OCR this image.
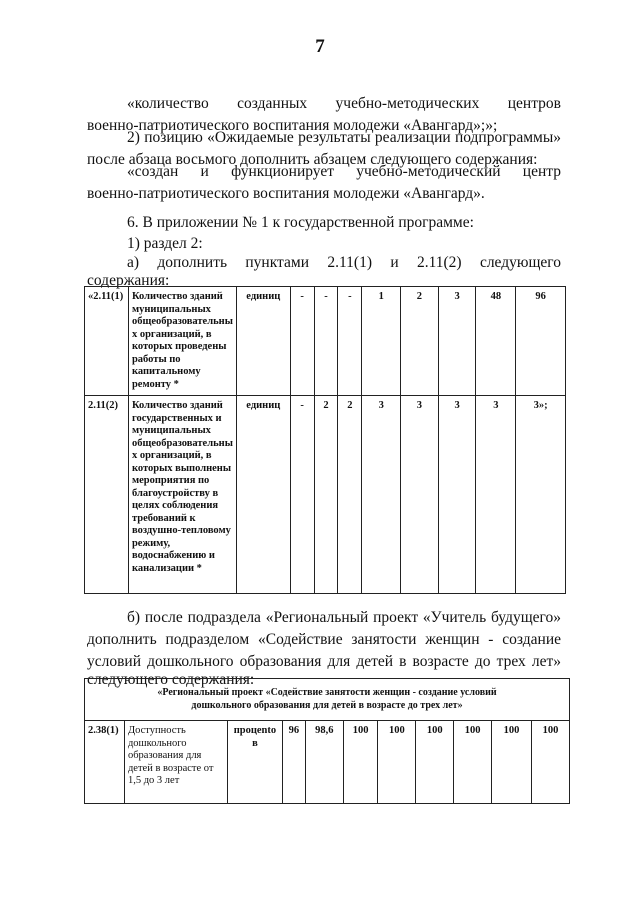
7
«количество созданных учебно-методических центров
военно-патриотического воспитания молодежи «Авангард»;»;
2) позицию «Ожидаемые результаты реализации подпрограммы»
после абзаца восьмого дополнить абзацем следующего содержания:
«создан и функционирует учебно-методический центр
военно-патриотического воспитания молодежи «Авангард».
6. В приложении № 1 к государственной программе:
1) раздел 2:
а) дополнить пунктами 2.11(1) и 2.11(2) следующего
содержания:
«2.11(1)	Количество зданий муниципальных общеобразовательны х организаций, в которых проведены работы по капитальному ремонту *	единиц	-	-	-	1	2	3	48	96
2.11(2)	Количество зданий государственных и муниципальных общеобразовательны х организаций, в которых выполнены мероприятия по благоустройству в целях соблюдения требований к воздушно-тепловому режиму, водоснабжению и канализации *	единиц	-	2	2	3	3	3	3	3»;
б) после подраздела «Региональный проект «Учитель будущего»
дополнить подразделом «Содействие занятости женщин - создание
условий дошкольного образования для детей в возрасте до трех лет»
следующего содержания:
«Региональный проект «Содействие занятости женщин - создание условий дошкольного образования для детей в возрасте до трех лет»
2.38(1)	Доступность дошкольного образования для детей в возрасте от 1,5 до 3 лет	процento в	96	98,6	100	100	100	100	100	100
